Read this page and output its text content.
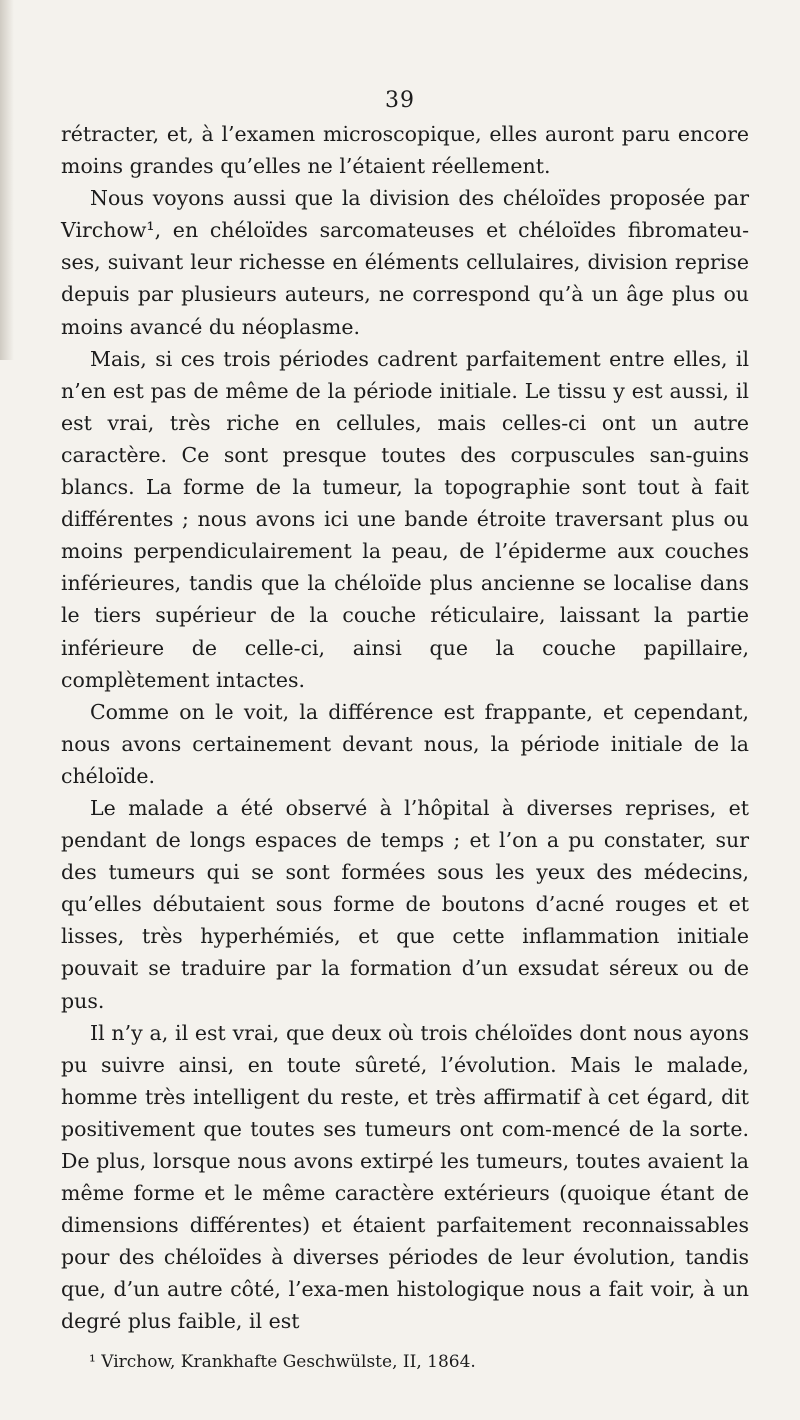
39

rétracter, et, à l’examen microscopique, elles auront paru encore moins grandes qu’elles ne l’étaient réellement.

Nous voyons aussi que la division des chéloïdes proposée par Virchow¹, en chéloïdes sarcomateuses et chéloïdes fibromateu-ses, suivant leur richesse en éléments cellulaires, division reprise depuis par plusieurs auteurs, ne correspond qu’à un âge plus ou moins avancé du néoplasme.

Mais, si ces trois périodes cadrent parfaitement entre elles, il n’en est pas de même de la période initiale. Le tissu y est aussi, il est vrai, très riche en cellules, mais celles-ci ont un autre caractère. Ce sont presque toutes des corpuscules san-guins blancs. La forme de la tumeur, la topographie sont tout à fait différentes ; nous avons ici une bande étroite traversant plus ou moins perpendiculairement la peau, de l’épiderme aux couches inférieures, tandis que la chéloïde plus ancienne se localise dans le tiers supérieur de la couche réticulaire, laissant la partie inférieure de celle-ci, ainsi que la couche papillaire, complètement intactes.

Comme on le voit, la différence est frappante, et cependant, nous avons certainement devant nous, la période initiale de la chéloïde.

Le malade a été observé à l’hôpital à diverses reprises, et pendant de longs espaces de temps ; et l’on a pu constater, sur des tumeurs qui se sont formées sous les yeux des médecins, qu’elles débutaient sous forme de boutons d’acné rouges et et lisses, très hyperhémiés, et que cette inflammation initiale pouvait se traduire par la formation d’un exsudat séreux ou de pus.

Il n’y a, il est vrai, que deux où trois chéloïdes dont nous ayons pu suivre ainsi, en toute sûreté, l’évolution. Mais le malade, homme très intelligent du reste, et très affirmatif à cet égard, dit positivement que toutes ses tumeurs ont com-mencé de la sorte. De plus, lorsque nous avons extirpé les tumeurs, toutes avaient la même forme et le même caractère extérieurs (quoique étant de dimensions différentes) et étaient parfaitement reconnaissables pour des chéloïdes à diverses périodes de leur évolution, tandis que, d’un autre côté, l’exa-men histologique nous a fait voir, à un degré plus faible, il est

¹ Virchow, Krankhafte Geschwülste, II, 1864.
